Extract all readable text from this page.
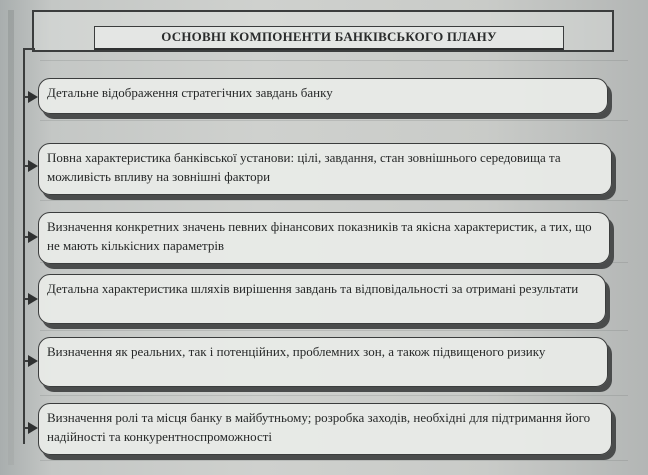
ОСНОВНІ КОМПОНЕНТИ БАНКІВСЬКОГО ПЛАНУ
Детальне відображення стратегічних завдань банку
Повна характеристика банківської установи: цілі, завдання, стан зовнішнього середовища та можливість впливу на зовнішні фактори
Визначення конкретних значень певних фінансових показників та якісна характеристик, а тих, що не мають кількісних параметрів
Детальна характеристика шляхів вирішення завдань та відповідальності за отримані результати
Визначення як реальних, так і потенційних, проблемних зон, а також підвищеного ризику
Визначення ролі та місця банку в майбутньому; розробка заходів, необхідні для підтримання його надійності та конкурентноспроможності
